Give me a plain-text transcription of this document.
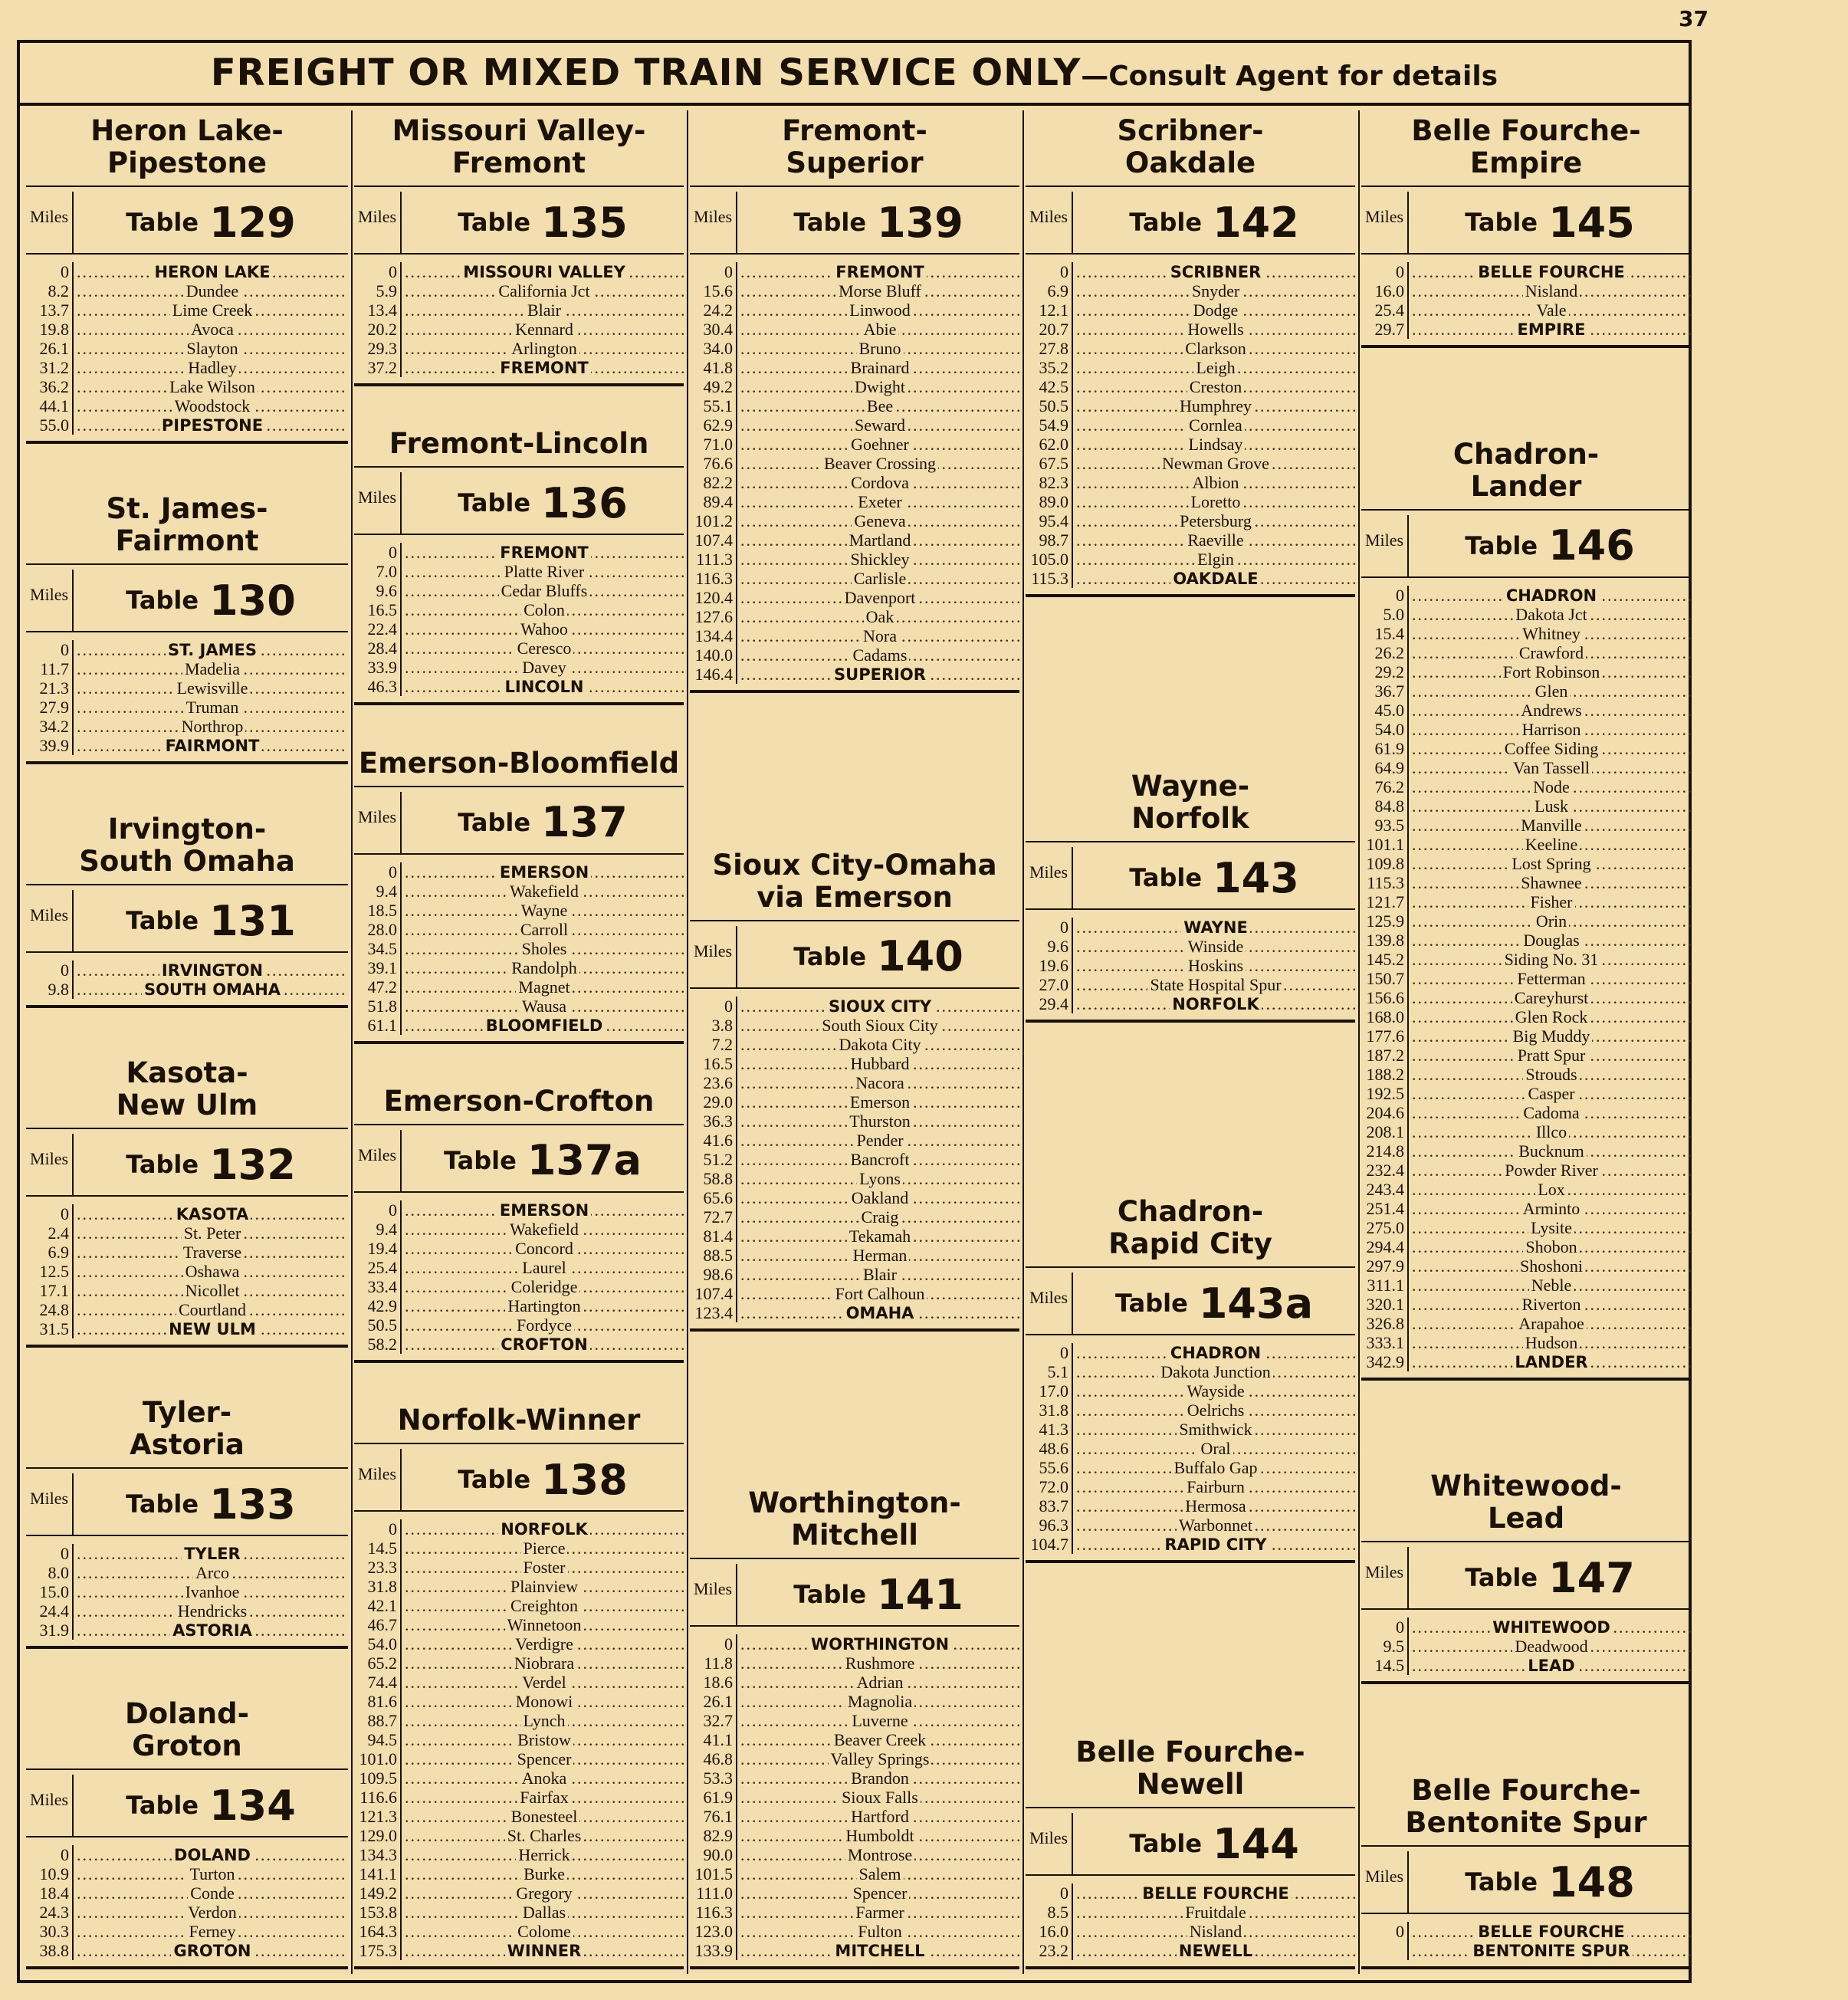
37
FREIGHT OR MIXED TRAIN SERVICE ONLY—Consult Agent for details
Heron Lake-
Pipestone
Miles Table 129
0
8.2
13.7
19.8
26.1
31.2
36.2
44.1
55.0
..... HERON LAKE
..... Dundee
..... Lime Creek
..... Avoca
..... Slayton
..... Hadley
..... Lake Wilson
..... Woodstock
..... PIPESTONE
St. James-
Fairmont
Miles Table 130
0
11.7
21.3
27.9
34.2
39.9
..... ST. JAMES
..... Madelia
..... Lewisville
..... Truman
..... Northrop
..... FAIRMONT
Irvington-
South Omaha
Miles Table 131
0
9.8
..... IRVINGTON
..... SOUTH OMAHA
Kasota-
New Ulm
Miles Table 132
0
2.4
6.9
12.5
17.1
24.8
31.5
..... KASOTA
..... St. Peter
..... Traverse
..... Oshawa
..... Nicollet
..... Courtland
..... NEW ULM
Tyler-
Astoria
Miles Table 133
0
8.0
15.0
24.4
31.9
..... TYLER
..... Arco
..... Ivanhoe
..... Hendricks
..... ASTORIA
Doland-
Groton
Miles Table 134
0
10.9
18.4
24.3
30.3
38.8
..... DOLAND
..... Turton
..... Conde
..... Verdon
..... Ferney
..... GROTON
Missouri Valley-
Fremont
Miles	Table 135
0
5.9
13.4
20.2
29.3
37.2
..... MISSOURI VALLEY
..... California Jct
..... Blair
..... Kennard
..... Arlington
..... FREMONT
Fremont-Lincoln
Miles	Table 136
0
7.0
9.6
16.5
22.4
28.4
33.9
46.3
..... FREMONT
..... Platte River
..... Cedar Bluffs
..... Colon
..... Wahoo
..... Ceresco
..... Davey
..... LINCOLN
Emerson-Bloomfield
Miles	Table 137
0
9.4
18.5
28.0
34.5
39.1
47.2
51.8
61.1
..... EMERSON
..... Wakefield
..... Wayne
..... Carroll
..... Sholes
..... Randolph
..... Magnet
..... Wausa
..... BLOOMFIELD
Emerson-Crofton
Miles Table 137a
0
9.4
19.4
25.4
33.4
42.9
50.5
58.2
..... EMERSON
..... Wakefield
..... Concord
..... Laurel
..... Coleridge
..... Hartington
..... Fordyce
..... CROFTON
Norfolk-Winner
Miles	Table 138
0
14.5
23.3
31.8
42.1
46.7
54.0
65.2
74.4
81.6
88.7
94.5
101.0
109.5
116.6
121.3
129.0
134.3
141.1
149.2
153.8
164.3
175.3
..... NORFOLK
..... Pierce
..... Foster
..... Plainview
..... Creighton
..... Winnetoon
..... Verdigre
..... Niobrara
..... Verdel
..... Monowi
..... Lynch
..... Bristow
..... Spencer
..... Anoka
..... Fairfax
..... Bonesteel
..... St. Charles
..... Herrick
..... Burke
..... Gregory
..... Dallas
..... Colome
..... WINNER
Fremont-
Superior
Miles	Table 139
0
15.6
24.2
30.4
34.0
41.8
49.2
55.1
62.9
71.0
76.6
82.2
89.4
101.2
107.4
111.3
116.3
120.4
127.6
134.4
140.0
146.4
..... FREMONT
..... Morse Bluff
..... Linwood
..... Abie
..... Bruno
..... Brainard
..... Dwight
..... Bee
..... Seward
..... Goehner
..... Beaver Crossing
..... Cordova
..... Exeter
..... Geneva
..... Martland
..... Shickley
..... Carlisle
..... Davenport
..... Oak
..... Nora
..... Cadams
..... SUPERIOR
Sioux City-Omaha
via Emerson
Miles	Table 140
0
3.8
7.2
16.5
23.6
29.0
36.3
41.6
51.2
58.8
65.6
72.7
81.4
88.5
98.6
107.4
123.4
..... SIOUX CITY
..... South Sioux City
..... Dakota City
..... Hubbard
..... Nacora
..... Emerson
..... Thurston
..... Pender
..... Bancroft
..... Lyons
..... Oakland
..... Craig
..... Tekamah
..... Herman
..... Blair
..... Fort Calhoun
..... OMAHA
Worthington-
Mitchell
Miles	Table 141
0
11.8
18.6
26.1
32.7
41.1
46.8
53.3
61.9
76.1
82.9
90.0
101.5
111.0
116.3
123.0
133.9
..... WORTHINGTON
..... Rushmore
..... Adrian
..... Magnolia
..... Luverne
..... Beaver Creek
..... Valley Springs
..... Brandon
..... Sioux Falls
..... Hartford
..... Humboldt
..... Montrose
..... Salem
..... Spencer
..... Farmer
..... Fulton
..... MITCHELL
Scribner-
Oakdale
Miles	Table 142
0
6.9
12.1
20.7
27.8
35.2
42.5
50.5
54.9
62.0
67.5
82.3
89.0
95.4
98.7
105.0
115.3
..... SCRIBNER
..... Snyder
..... Dodge
..... Howells
..... Clarkson
..... Leigh
..... Creston
..... Humphrey
..... Cornlea
..... Lindsay
..... Newman Grove
..... Albion
..... Loretto
..... Petersburg
..... Raeville
..... Elgin
..... OAKDALE
Wayne-
Norfolk
Miles	Table 143
0
9.6
19.6
27.0
29.4
..... WAYNE
..... Winside
..... Hoskins
..... State Hospital Spur
..... NORFOLK
Chadron-
Rapid City
Miles Table 143a
0
5.1
17.0
31.8
41.3
48.6
55.6
72.0
83.7
96.3
104.7
..... CHADRON
..... Dakota Junction
..... Wayside
..... Oelrichs
..... Smithwick
..... Oral
..... Buffalo Gap
..... Fairburn
..... Hermosa
..... Warbonnet
..... RAPID CITY
Belle Fourche-
Newell
Miles	Table 144
0
8.5
16.0
23.2
..... BELLE FOURCHE
..... Fruitdale
..... Nisland
..... NEWELL
Belle Fourche-
Empire
Miles	Table 145
0
16.0
25.4
29.7
..... BELLE FOURCHE
..... Nisland
..... Vale
..... EMPIRE
Chadron-
Lander
Miles	Table 146
0
5.0
15.4
26.2
29.2
36.7
45.0
54.0
61.9
64.9
76.2
84.8
93.5
101.1
109.8
115.3
121.7
125.9
139.8
145.2
150.7
156.6
168.0
177.6
187.2
188.2
192.5
204.6
208.1
214.8
232.4
243.4
251.4
275.0
294.4
297.9
311.1
320.1
326.8
333.1
342.9
..... CHADRON
..... Dakota Jct
..... Whitney
..... Crawford
..... Fort Robinson
..... Glen
..... Andrews
..... Harrison
..... Coffee Siding
..... Van Tassell
..... Node
..... Lusk
..... Manville
..... Keeline
..... Lost Spring
..... Shawnee
..... Fisher
..... Orin
..... Douglas
..... Siding No. 31
..... Fetterman
..... Careyhurst
..... Glen Rock
..... Big Muddy
..... Pratt Spur
..... Strouds
..... Casper
..... Cadoma
..... Illco
..... Bucknum
..... Powder River
..... Lox
..... Arminto
..... Lysite
..... Shobon
..... Shoshoni
..... Neble
..... Riverton
..... Arapahoe
..... Hudson
..... LANDER
Whitewood-
Lead
Miles	Table 147
0
9.5
14.5
..... WHITEWOOD
..... Deadwood
..... LEAD
Belle Fourche-
Bentonite Spur
Miles	Table 148
0
.....	BELLE FOURCHE
..... BENTONITE SPUR
